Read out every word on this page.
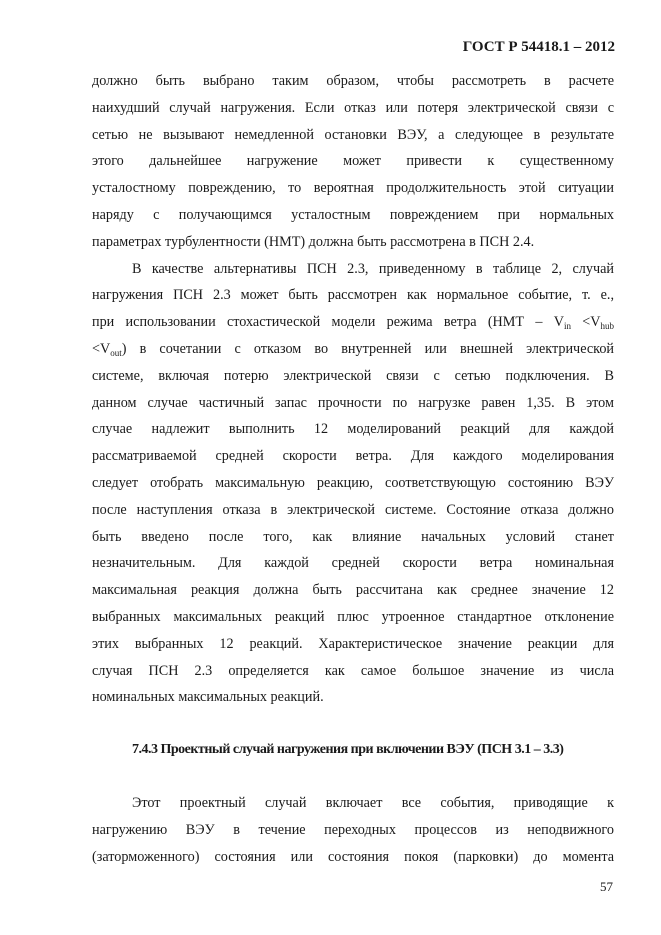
ГОСТ Р 54418.1 – 2012
должно быть выбрано таким образом, чтобы рассмотреть в расчете
наихудший случай нагружения. Если отказ или потеря электрической связи с
сетью не вызывают немедленной остановки ВЭУ, а следующее в результате
этого дальнейшее нагружение может привести к существенному
усталостному повреждению, то вероятная продолжительность этой ситуации
наряду с получающимся усталостным повреждением при нормальных
параметрах турбулентности (НМТ) должна быть рассмотрена в ПСН 2.4.
В качестве альтернативы ПСН 2.3, приведенному в таблице 2, случай
нагружения ПСН 2.3 может быть рассмотрен как нормальное событие, т. е.,
при использовании стохастической модели режима ветра ($НМТ - V_{in} <V_{hub}$
$<V_{out}$) в сочетании с отказом во внутренней или внешней электрической
системе, включая потерю электрической связи с сетью подключения. В
данном случае частичный запас прочности по нагрузке равен 1,35. В этом
случае надлежит выполнить 12 моделирований реакций для каждой
рассматриваемой средней скорости ветра. Для каждого моделирования
следует отобрать максимальную реакцию, соответствующую состоянию ВЭУ
после наступления отказа в электрической системе. Состояние отказа должно
быть введено после того, как влияние начальных условий станет
незначительным. Для каждой средней скорости ветра номинальная
максимальная реакция должна быть рассчитана как среднее значение 12
выбранных максимальных реакций плюс утроенное стандартное отклонение
этих выбранных 12 реакций. Характеристическое значение реакции для
случая ПСН 2.3 определяется как самое большое значение из числа
номинальных максимальных реакций.
7.4.3 Проектный случай нагружения при включении ВЭУ (ПСН 3.1 – 3.3)
Этот проектный случай включает все события, приводящие к
нагружению ВЭУ в течение переходных процессов из неподвижного
(заторможенного) состояния или состояния покоя (парковки) до момента
57
